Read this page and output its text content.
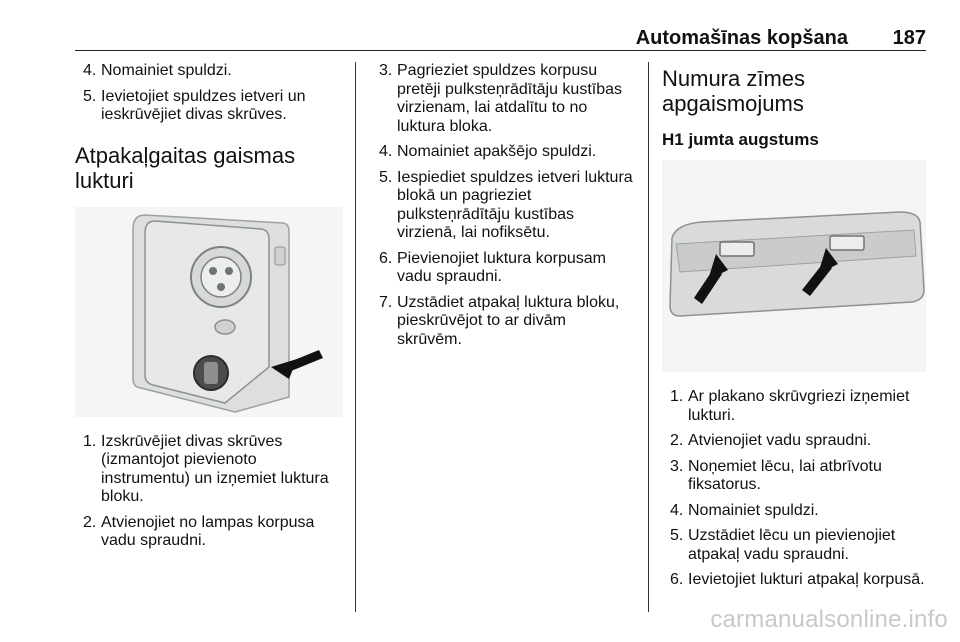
Automašīnas kopšana 187
4. Nomainiet spuldzi.
5. Ievietojiet spuldzes ietveri un ieskrūvējiet divas skrūves.
Atpakaļgaitas gaismas lukturi
1. Izskrūvējiet divas skrūves (izmantojot pievienoto instrumentu) un izņemiet luktura bloku.
2. Atvienojiet no lampas korpusa vadu spraudni.
3. Pagrieziet spuldzes korpusu pretēji pulksteņrādītāju kustības virzienam, lai atdalītu to no luktura bloka.
4. Nomainiet apakšējo spuldzi.
5. Iespiediet spuldzes ietveri luktura blokā un pagrieziet pulksteņrādītāju kustības virzienā, lai nofiksētu.
6. Pievienojiet luktura korpusam vadu spraudni.
7. Uzstādiet atpakaļ luktura bloku, pieskrūvējot to ar divām skrūvēm.
Numura zīmes apgaismojums
H1 jumta augstums
1. Ar plakano skrūvgriezi izņemiet lukturi.
2. Atvienojiet vadu spraudni.
3. Noņemiet lēcu, lai atbrīvotu fiksatorus.
4. Nomainiet spuldzi.
5. Uzstādiet lēcu un pievienojiet atpakaļ vadu spraudni.
6. Ievietojiet lukturi atpakaļ korpusā.
carmanualsonline.info
